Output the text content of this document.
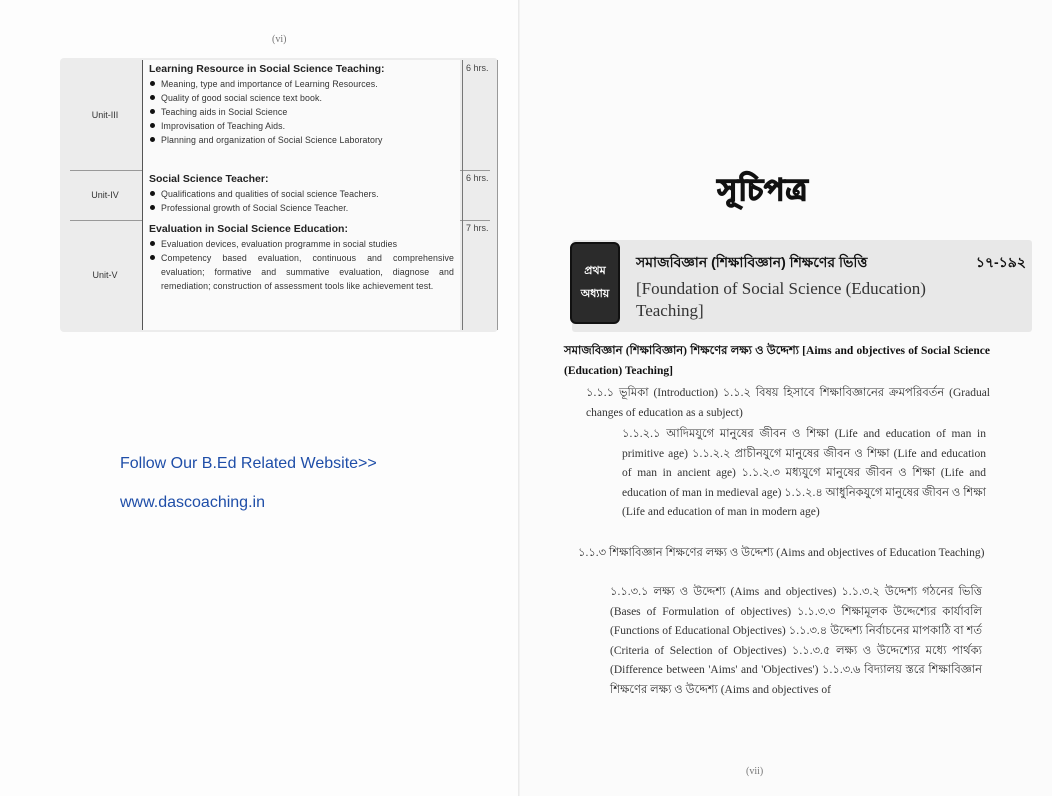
(vi)
Unit-III
Learning Resource in Social Science Teaching:
Meaning, type and importance of Learning Resources.
Quality of good social science text book.
Teaching aids in Social Science
Improvisation of Teaching Aids.
Planning and organization of Social Science Laboratory
6 hrs.
Unit-IV
Social Science Teacher:
Qualifications and qualities of social science Teachers.
Professional growth of Social Science Teacher.
6 hrs.
Unit-V
Evaluation in Social Science Education:
Evaluation devices, evaluation programme in social studies
Competency based evaluation, continuous and comprehensive evaluation; formative and summative evaluation, diagnose and remediation; construction of assessment tools like achievement test.
7 hrs.
Follow Our B.Ed Related Website>>
www.dascoaching.in
সূচিপত্র
প্রথম
অধ্যায়
সমাজবিজ্ঞান (শিক্ষাবিজ্ঞান) শিক্ষণের ভিত্তি	১৭-১৯২
[Foundation of Social Science (Education) Teaching]
সমাজবিজ্ঞান (শিক্ষাবিজ্ঞান) শিক্ষণের লক্ষ্য ও উদ্দেশ্য [Aims and objectives of Social Science (Education) Teaching]
১.১.১ ভূমিকা (Introduction) ১.১.২ বিষয় হিসাবে শিক্ষাবিজ্ঞানের ক্রমপরিবর্তন (Gradual changes of education as a subject)
১.১.২.১ আদিমযুগে মানুষের জীবন ও শিক্ষা (Life and education of man in primitive age) ১.১.২.২ প্রাচীনযুগে মানুষের জীবন ও শিক্ষা (Life and education of man in ancient age) ১.১.২.৩ মধ্যযুগে মানুষের জীবন ও শিক্ষা (Life and education of man in medieval age) ১.১.২.৪ আধুনিকযুগে মানুষের জীবন ও শিক্ষা (Life and education of man in modern age)
১.১.৩ শিক্ষাবিজ্ঞান শিক্ষণের লক্ষ্য ও উদ্দেশ্য (Aims and objectives of Education Teaching)
১.১.৩.১ লক্ষ্য ও উদ্দেশ্য (Aims and objectives) ১.১.৩.২ উদ্দেশ্য গঠনের ভিত্তি (Bases of Formulation of objectives) ১.১.৩.৩ শিক্ষামূলক উদ্দেশ্যের কার্যাবলি (Functions of Educational Objectives) ১.১.৩.৪ উদ্দেশ্য নির্বাচনের মাপকাঠি বা শর্ত (Criteria of Selection of Objectives) ১.১.৩.৫ লক্ষ্য ও উদ্দেশ্যের মধ্যে পার্থক্য (Difference between 'Aims' and 'Objectives') ১.১.৩.৬ বিদ্যালয় স্তরে শিক্ষাবিজ্ঞান শিক্ষণের লক্ষ্য ও উদ্দেশ্য (Aims and objectives of
(vii)
